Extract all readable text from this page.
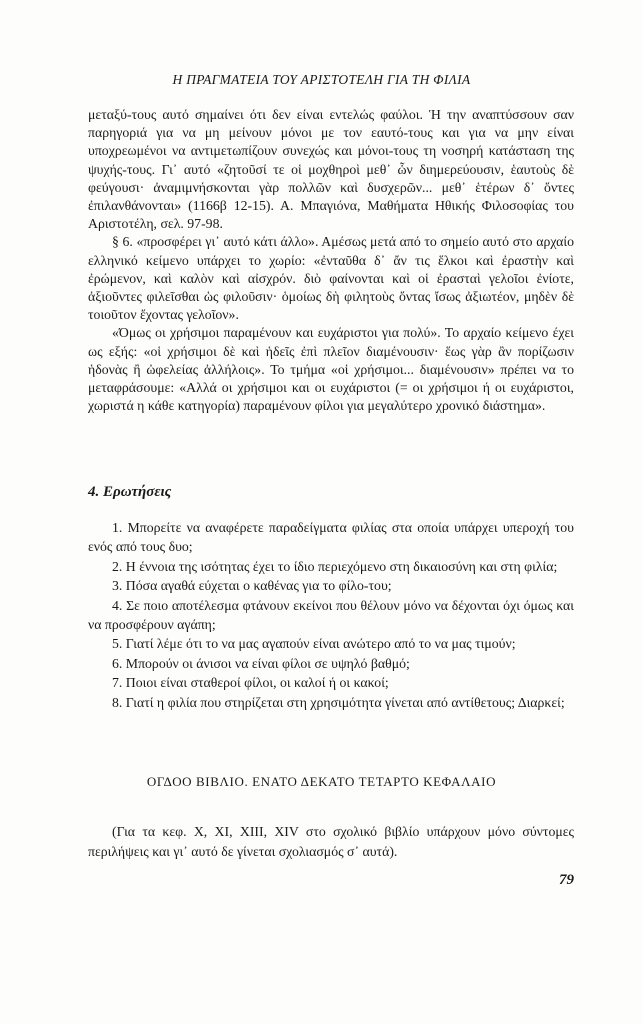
Η ΠΡΑΓΜΑΤΕΙΑ ΤΟΥ ΑΡΙΣΤΟΤΕΛΗ ΓΙΑ ΤΗ ΦΙΛΙΑ

μεταξύ-τους αυτό σημαίνει ότι δεν είναι εντελώς φαύλοι. Ἡ την αναπτύσσουν σαν παρηγοριά για να μη μείνουν μόνοι με τον εαυτό-τους και για να μην είναι υποχρεωμένοι να αντιμετωπίζουν συνεχώς και μόνοι-τους τη νοσηρή κατάσταση της ψυχής-τους. Γι᾽ αυτό «ζητοῦσί τε οἱ μοχθηροὶ μεθ᾽ ὧν διημερεύουσιν, ἑαυτοὺς δὲ φεύγουσι· ἀναμιμνήσκονται γὰρ πολλῶν καὶ δυσχερῶν... μεθ᾽ ἑτέρων δ᾽ ὄντες ἐπιλανθάνονται» (1166β 12-15). Α. Μπαγιόνα, Μαθήματα Ηθικής Φιλοσοφίας του Αριστοτέλη, σελ. 97-98.

§ 6. «προσφέρει γι᾽ αυτό κάτι άλλο». Αμέσως μετά από το σημείο αυτό στο αρχαίο ελληνικό κείμενο υπάρχει το χωρίο: «ἐνταῦθα δ᾽ ἄν τις ἕλκοι καὶ ἐραστὴν καὶ ἐρώμενον, καὶ καλὸν καὶ αἰσχρόν. διὸ φαίνονται καὶ οἱ ἐρασταὶ γελοῖοι ἐνίοτε, ἀξιοῦντες φιλεῖσθαι ὡς φιλοῦσιν· ὁμοίως δὴ φιλητοὺς ὄντας ἴσως ἀξιωτέον, μηδὲν δὲ τοιοῦτον ἔχοντας γελοῖον».

«Όμως οι χρήσιμοι παραμένουν και ευχάριστοι για πολύ». Το αρχαίο κείμενο έχει ως εξής: «οἱ χρήσιμοι δὲ καὶ ἡδεῖς ἐπὶ πλεῖον διαμένουσιν· ἕως γὰρ ἂν πορίζωσιν ἡδονὰς ἢ ὠφελείας ἀλλήλοις». Το τμήμα «οἱ χρήσιμοι... διαμένουσιν» πρέπει να το μεταφράσουμε: «Αλλά οι χρήσιμοι και οι ευχάριστοι (= οι χρήσιμοι ή οι ευχάριστοι, χωριστά η κάθε κατηγορία) παραμένουν φίλοι για μεγαλύτερο χρονικό διάστημα».

4. Ερωτήσεις

1. Μπορείτε να αναφέρετε παραδείγματα φιλίας στα οποία υπάρχει υπεροχή του ενός από τους δυο;

2. Η έννοια της ισότητας έχει το ίδιο περιεχόμενο στη δικαιοσύνη και στη φιλία;

3. Πόσα αγαθά εύχεται ο καθένας για το φίλο-του;

4. Σε ποιο αποτέλεσμα φτάνουν εκείνοι που θέλουν μόνο να δέχονται όχι όμως και να προσφέρουν αγάπη;

5. Γιατί λέμε ότι το να μας αγαπούν είναι ανώτερο από το να μας τιμούν;

6. Μπορούν οι άνισοι να είναι φίλοι σε υψηλό βαθμό;

7. Ποιοι είναι σταθεροί φίλοι, οι καλοί ή οι κακοί;

8. Γιατί η φιλία που στηρίζεται στη χρησιμότητα γίνεται από αντίθετους; Διαρκεί;

ΟΓΔΟΟ ΒΙΒΛΙΟ. ΕΝΑΤΟ ΔΕΚΑΤΟ ΤΕΤΑΡΤΟ ΚΕΦΑΛΑΙΟ

(Για τα κεφ. X, XI, XIII, XIV στο σχολικό βιβλίο υπάρχουν μόνο σύντομες περιλήψεις και γι᾽ αυτό δε γίνεται σχολιασμός σ᾽ αυτά).

79
